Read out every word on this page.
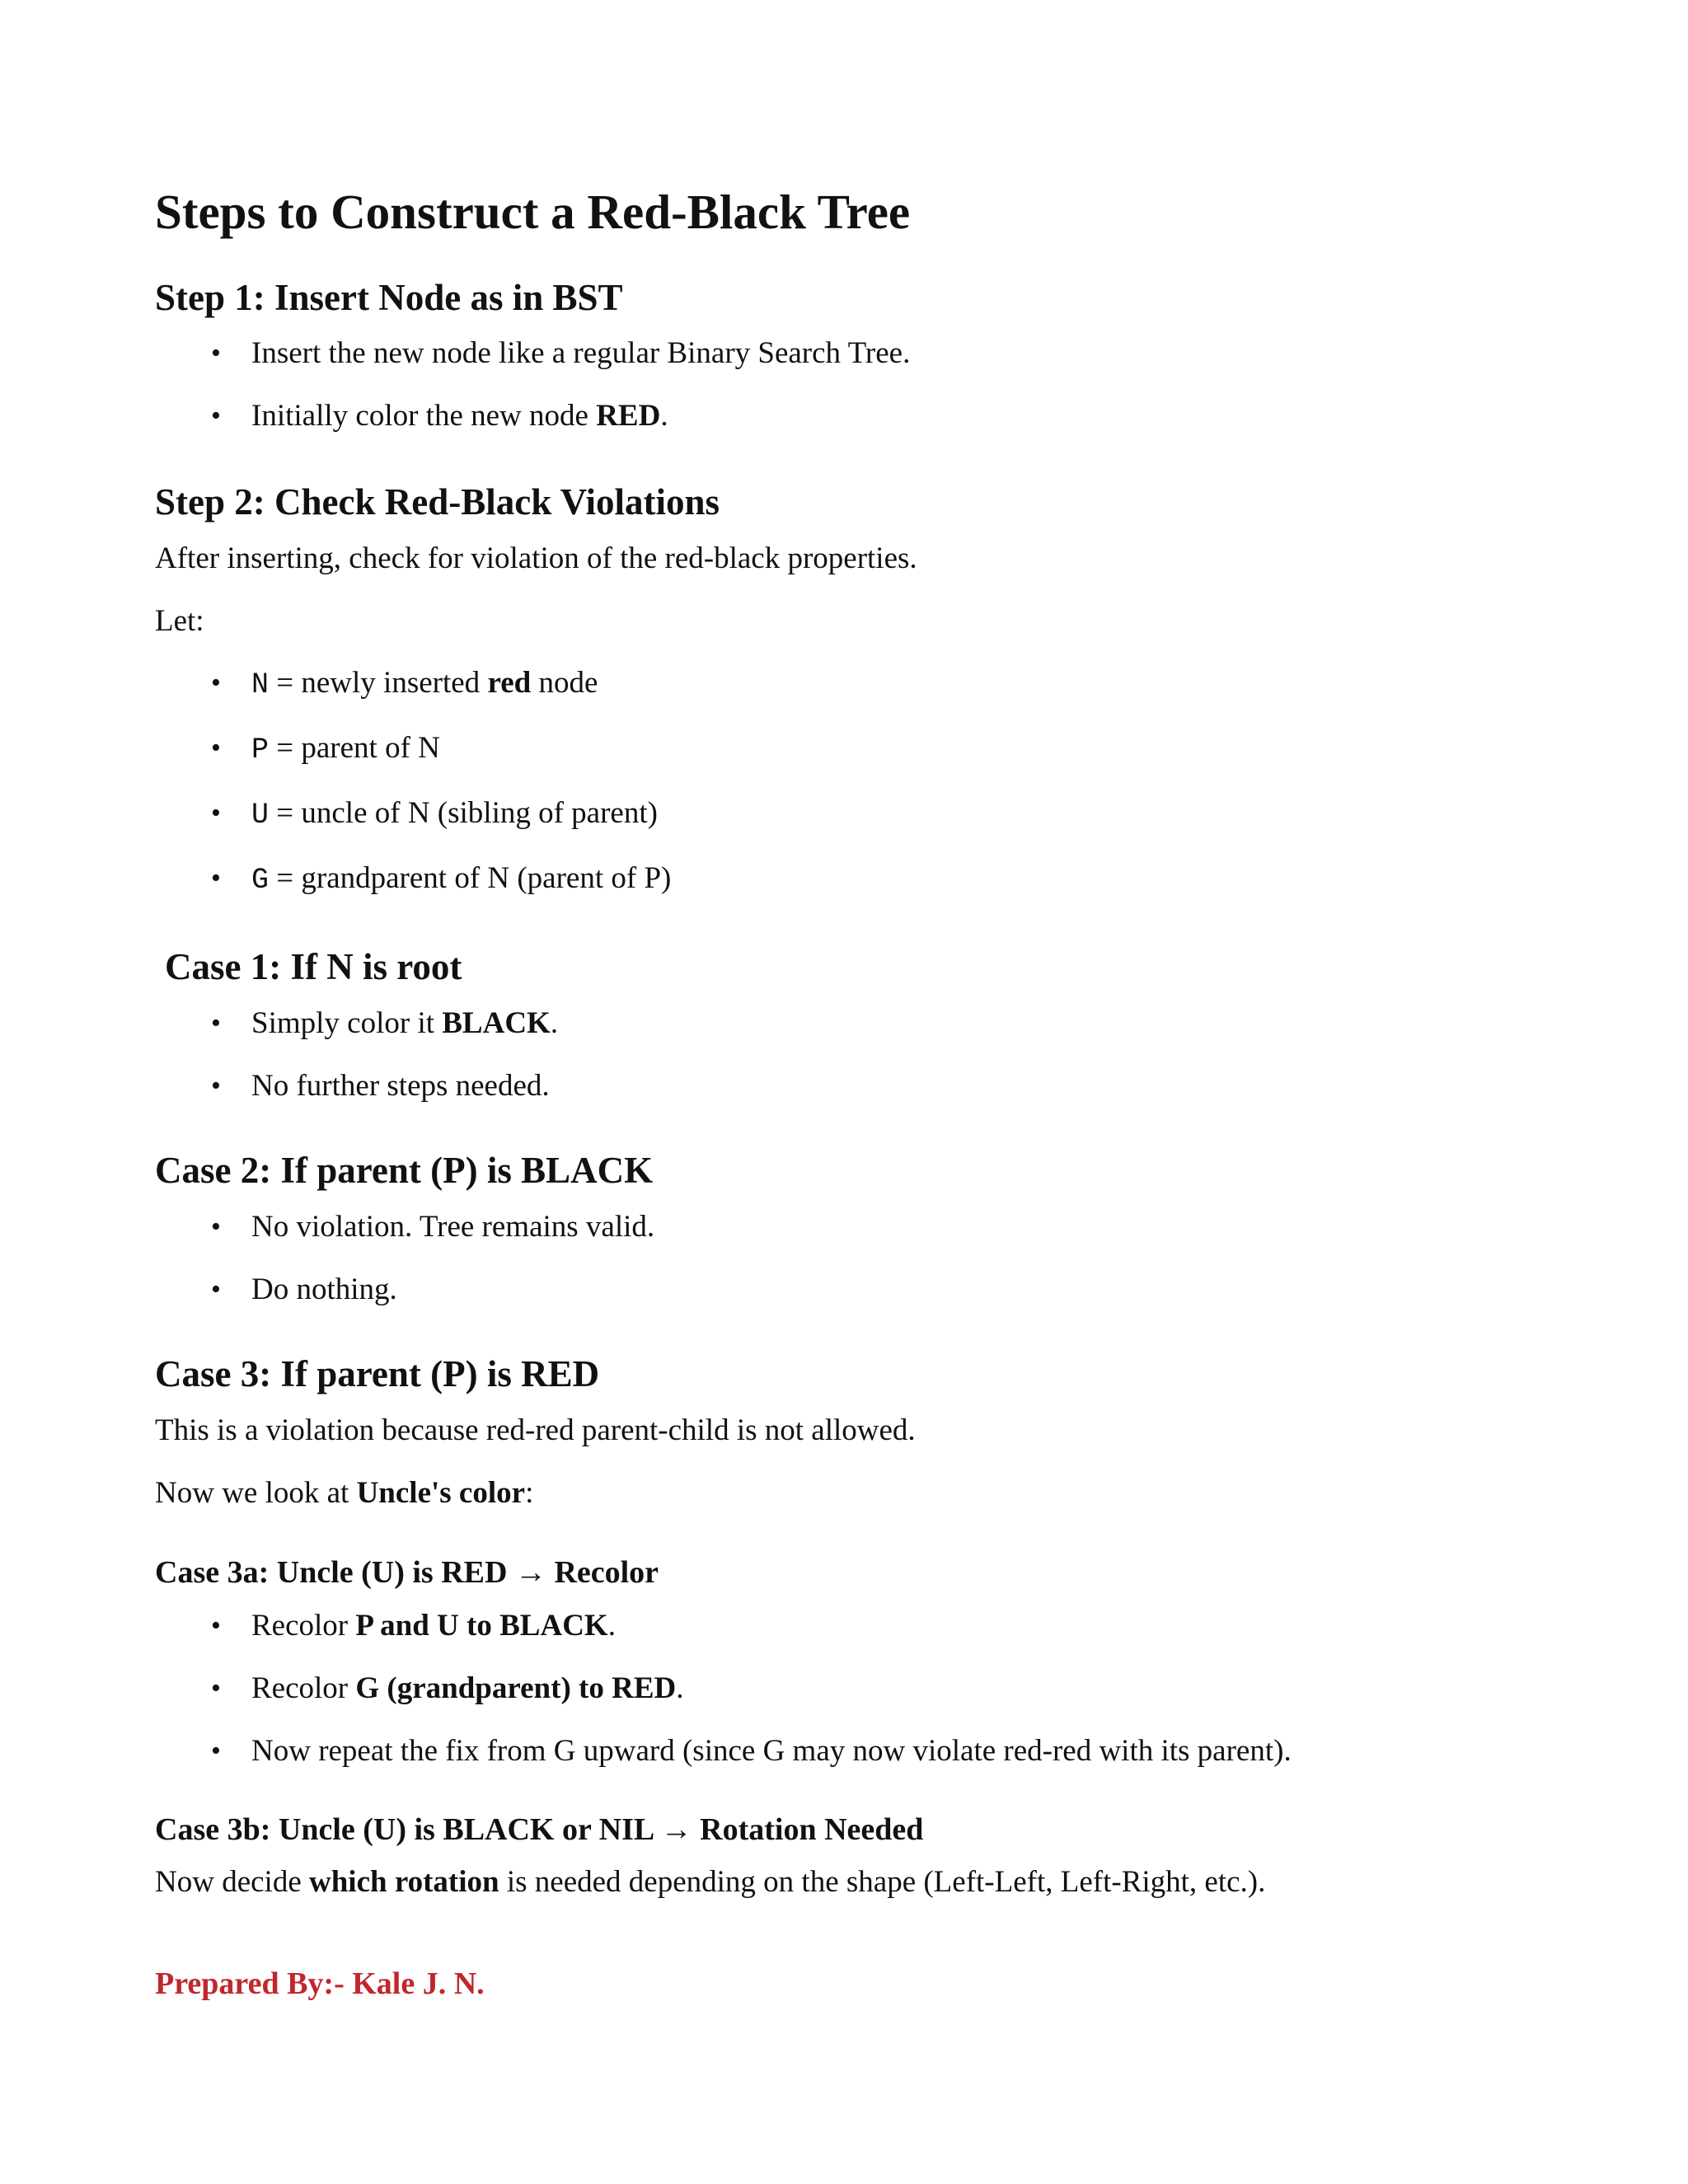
Steps to Construct a Red-Black Tree
Step 1: Insert Node as in BST
• Insert the new node like a regular Binary Search Tree.
• Initially color the new node RED.
Step 2: Check Red-Black Violations
After inserting, check for violation of the red-black properties.
Let:
• N = newly inserted red node
• P = parent of N
• U = uncle of N (sibling of parent)
• G = grandparent of N (parent of P)
Case 1: If N is root
• Simply color it BLACK.
• No further steps needed.
Case 2: If parent (P) is BLACK
• No violation. Tree remains valid.
• Do nothing.
Case 3: If parent (P) is RED
This is a violation because red-red parent-child is not allowed.
Now we look at Uncle's color:
Case 3a: Uncle (U) is RED → Recolor
• Recolor P and U to BLACK.
• Recolor G (grandparent) to RED.
• Now repeat the fix from G upward (since G may now violate red-red with its parent).
Case 3b: Uncle (U) is BLACK or NIL → Rotation Needed
Now decide which rotation is needed depending on the shape (Left-Left, Left-Right, etc.).
Prepared By:- Kale J. N.
